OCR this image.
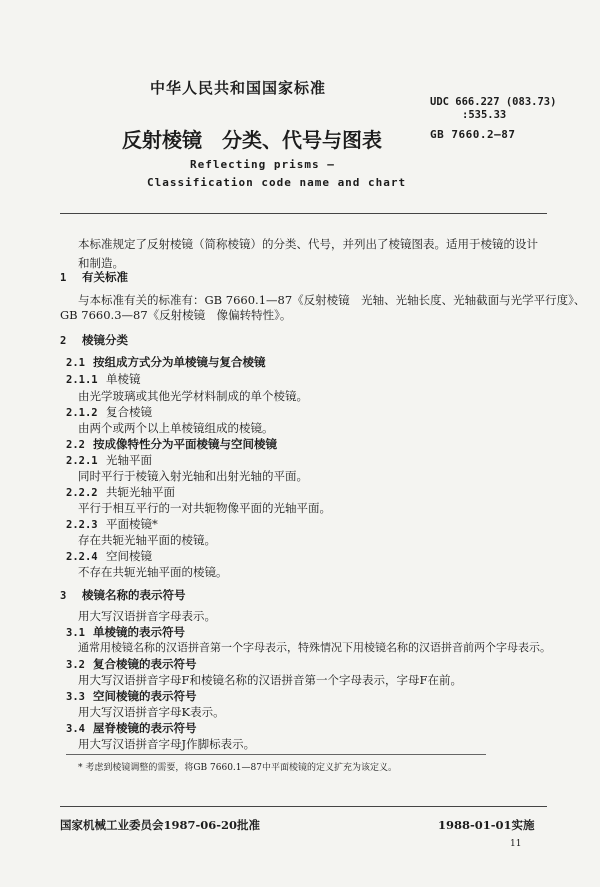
中华人民共和国国家标准
UDC 666.227 (083.73)
:535.33
反射棱镜　分类、代号与图表	GB 7660.2—87
Reflecting prisms —
Classification code name and chart
本标准规定了反射棱镜（简称棱镜）的分类、代号，并列出了棱镜图表。适用于棱镜的设计和制造。
1 有关标准
与本标准有关的标准有：GB 7660.1—87《反射棱镜　光轴、光轴长度、光轴截面与光学平行度》、
GB 7660.3—87《反射棱镜　像偏转特性》。
2 棱镜分类
2.1 按组成方式分为单棱镜与复合棱镜
2.1.1 单棱镜
由光学玻璃或其他光学材料制成的单个棱镜。
2.1.2 复合棱镜
由两个或两个以上单棱镜组成的棱镜。
2.2 按成像特性分为平面棱镜与空间棱镜
2.2.1 光轴平面
同时平行于棱镜入射光轴和出射光轴的平面。
2.2.2 共轭光轴平面
平行于相互平行的一对共轭物像平面的光轴平面。
2.2.3 平面棱镜*
存在共轭光轴平面的棱镜。
2.2.4 空间棱镜
不存在共轭光轴平面的棱镜。
3 棱镜名称的表示符号
用大写汉语拼音字母表示。
3.1 单棱镜的表示符号
通常用棱镜名称的汉语拼音第一个字母表示，特殊情况下用棱镜名称的汉语拼音前两个字母表示。
3.2 复合棱镜的表示符号
用大写汉语拼音字母F和棱镜名称的汉语拼音第一个字母表示，字母F在前。
3.3 空间棱镜的表示符号
用大写汉语拼音字母K表示。
3.4 屋脊棱镜的表示符号
用大写汉语拼音字母J作脚标表示。
* 考虑到棱镜调整的需要，将GB 7660.1—87中平面棱镜的定义扩充为该定义。
国家机械工业委员会1987-06-20批准	1988-01-01实施
11
